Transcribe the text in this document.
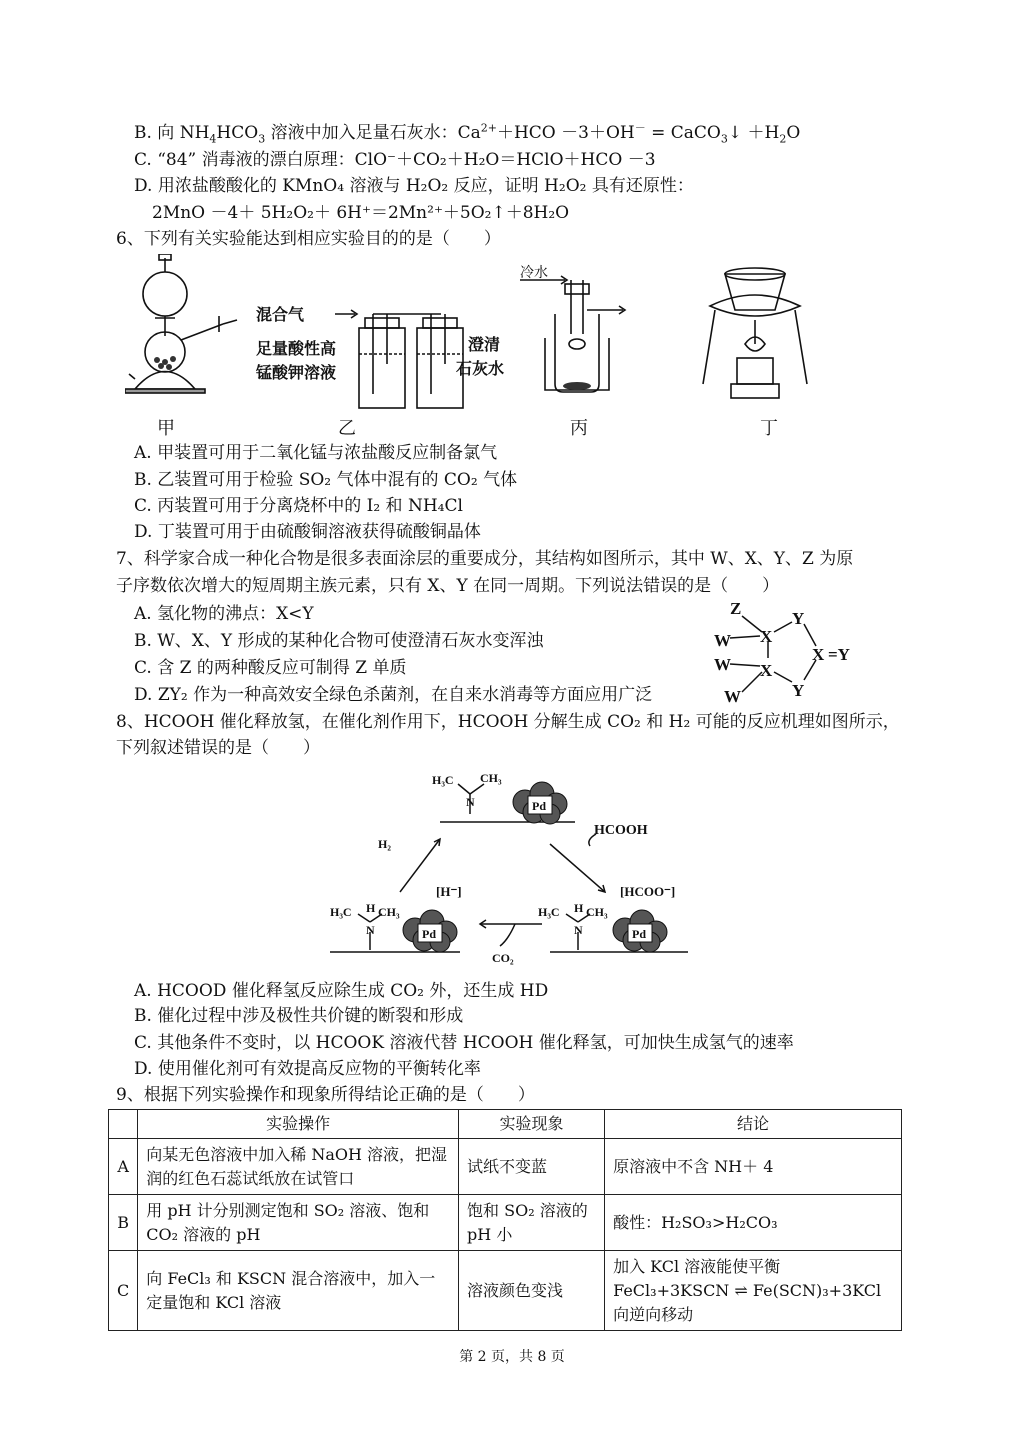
B. 向 $NH_4HCO_3$ 溶液中加入足量石灰水：$Ca^{2+}+HCO -3+OH^-$ = CaCO$_3$↓ $+H_2O$
C. “84” 消毒液的漂白原理：ClO⁻＋CO₂＋H₂O＝HClO＋HCO －3
D. 用浓盐酸酸化的 KMnO₄ 溶液与 H₂O₂ 反应，证明 H₂O₂ 具有还原性：
2MnO －4＋ 5H₂O₂＋ 6H⁺＝2Mn²⁺＋5O₂↑＋8H₂O
6、下列有关实验能达到相应实验目的的是（　　）
混合气
足量酸性高
锰酸钾溶液
澄清
石灰水
冷水
甲	乙	丙	丁
A. 甲装置可用于二氧化锰与浓盐酸反应制备氯气
B. 乙装置可用于检验 SO₂ 气体中混有的 CO₂ 气体
C. 丙装置可用于分离烧杯中的 I₂ 和 NH₄Cl
D. 丁装置可用于由硫酸铜溶液获得硫酸铜晶体
7、科学家合成一种化合物是很多表面涂层的重要成分，其结构如图所示，其中 W、X、Y、Z 为原
子序数依次增大的短周期主族元素，只有 X、Y 在同一周期。下列说法错误的是（　　）
A. 氢化物的沸点：X<Y
B. W、X、Y 形成的某种化合物可使澄清石灰水变浑浊
C. 含 Z 的两种酸反应可制得 Z 单质
D. ZY₂ 作为一种高效安全绿色杀菌剂，在自来水消毒等方面应用广泛
Z
Y
W X
W X
X =Y
W	Y
8、HCOOH 催化释放氢，在催化剂作用下，HCOOH 分解生成 CO₂ 和 H₂ 可能的反应机理如图所示，
下列叙述错误的是（　　）
Pd
Pd	Pd
H₃C CH₃
N
H₃C H CH₃
N
H₃C H CH₃
N
H₂
HCOOH
CO₂
[H⁻]	[HCOO⁻]
A. HCOOD 催化释氢反应除生成 CO₂ 外，还生成 HD
B. 催化过程中涉及极性共价键的断裂和形成
C. 其他条件不变时，以 HCOOK 溶液代替 HCOOH 催化释氢，可加快生成氢气的速率
D. 使用催化剂可有效提高反应物的平衡转化率
9、根据下列实验操作和现象所得结论正确的是（　　）
	实验操作	实验现象	结论
A	向某无色溶液中加入稀 NaOH 溶液，把湿润的红色石蕊试纸放在试管口	试纸不变蓝	原溶液中不含 NH＋ 4
B	用 pH 计分别测定饱和 SO₂ 溶液、饱和 CO₂ 溶液的 pH	饱和 SO₂ 溶液的 pH 小	酸性：H₂SO₃>H₂CO₃
C	向 FeCl₃ 和 KSCN 混合溶液中，加入一定量饱和 KCl 溶液	溶液颜色变浅	加入 KCl 溶液能使平衡
FeCl₃+3KSCN ⇌ Fe(SCN)₃+3KCl
向逆向移动
第 2 页，共 8 页
